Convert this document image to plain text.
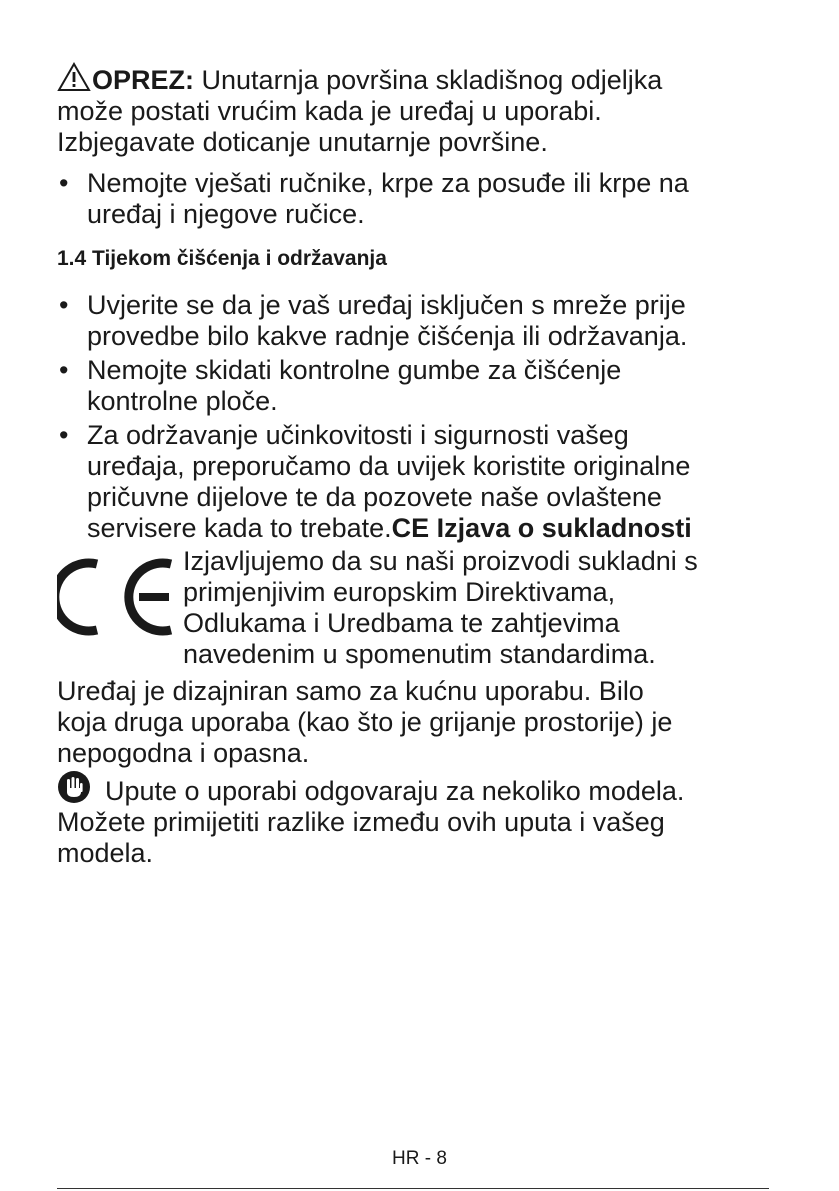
OPREZ: Unutarnja površina skladišnog odjeljka
može postati vrućim kada je uređaj u uporabi.
Izbjegavate doticanje unutarnje površine.

• Nemojte vješati ručnike, krpe za posuđe ili krpe na
uređaj i njegove ručice.

1.4 Tijekom čišćenja i održavanja

• Uvjerite se da je vaš uređaj isključen s mreže prije
provedbe bilo kakve radnje čišćenja ili održavanja.
• Nemojte skidati kontrolne gumbe za čišćenje
kontrolne ploče.
• Za održavanje učinkovitosti i sigurnosti vašeg
uređaja, preporučamo da uvijek koristite originalne
pričuvne dijelove te da pozovete naše ovlaštene
servisere kada to trebate.CE Izjava o sukladnosti
Izjavljujemo da su naši proizvodi sukladni s
primjenjivim europskim Direktivama,
Odlukama i Uredbama te zahtjevima
navedenim u spomenutim standardima.

Uređaj je dizajniran samo za kućnu uporabu. Bilo
koja druga uporaba (kao što je grijanje prostorije) je
nepogodna i opasna.

Upute o uporabi odgovaraju za nekoliko modela.
Možete primijetiti razlike između ovih uputa i vašeg
modela.

HR - 8
